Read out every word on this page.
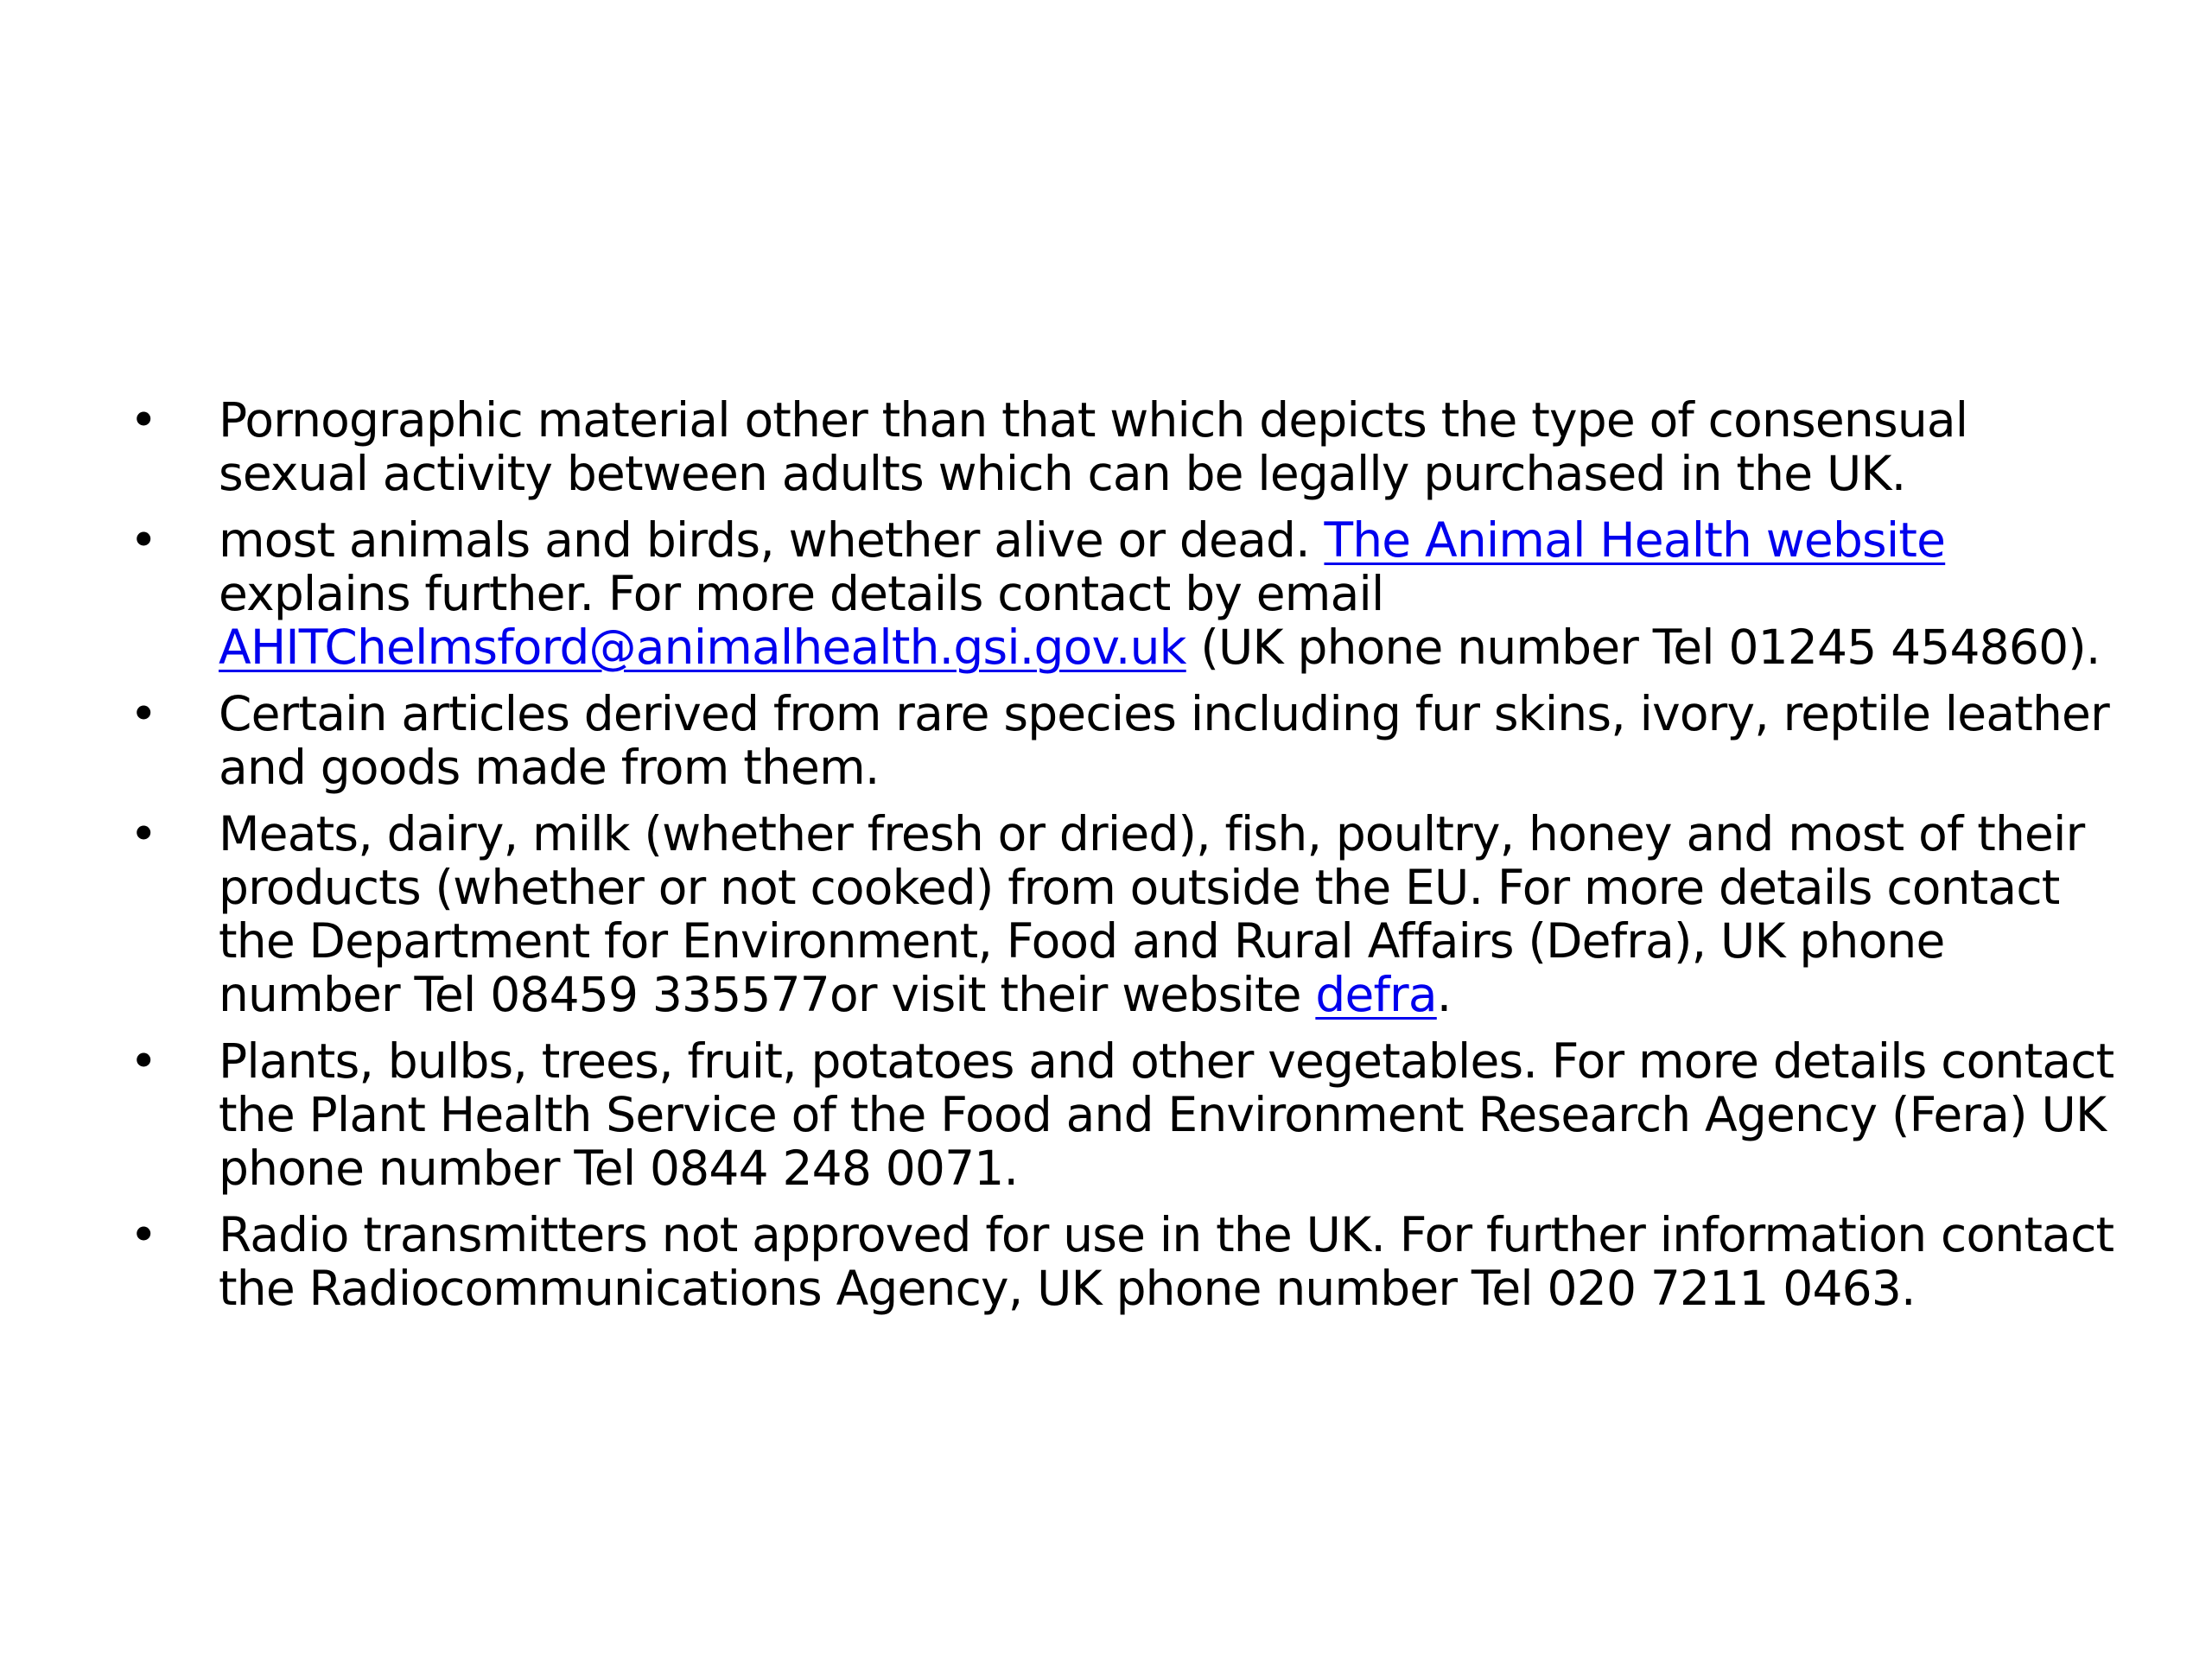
• Pornographic material other than that which depicts the type of consensual sexual activity between adults which can be legally purchased in the UK.
• most animals and birds, whether alive or dead. The Animal Health website explains further. For more details contact by email AHITChelmsford@animalhealth.gsi.gov.uk (UK phone number Tel 01245 454860).
• Certain articles derived from rare species including fur skins, ivory, reptile leather and goods made from them.
• Meats, dairy, milk (whether fresh or dried), fish, poultry, honey and most of their products (whether or not cooked) from outside the EU. For more details contact the Department for Environment, Food and Rural Affairs (Defra), UK phone number Tel 08459 335577or visit their website defra.
• Plants, bulbs, trees, fruit, potatoes and other vegetables. For more details contact the Plant Health Service of the Food and Environment Research Agency (Fera) UK phone number Tel 0844 248 0071.
• Radio transmitters not approved for use in the UK. For further information contact the Radiocommunications Agency, UK phone number Tel 020 7211 0463.
